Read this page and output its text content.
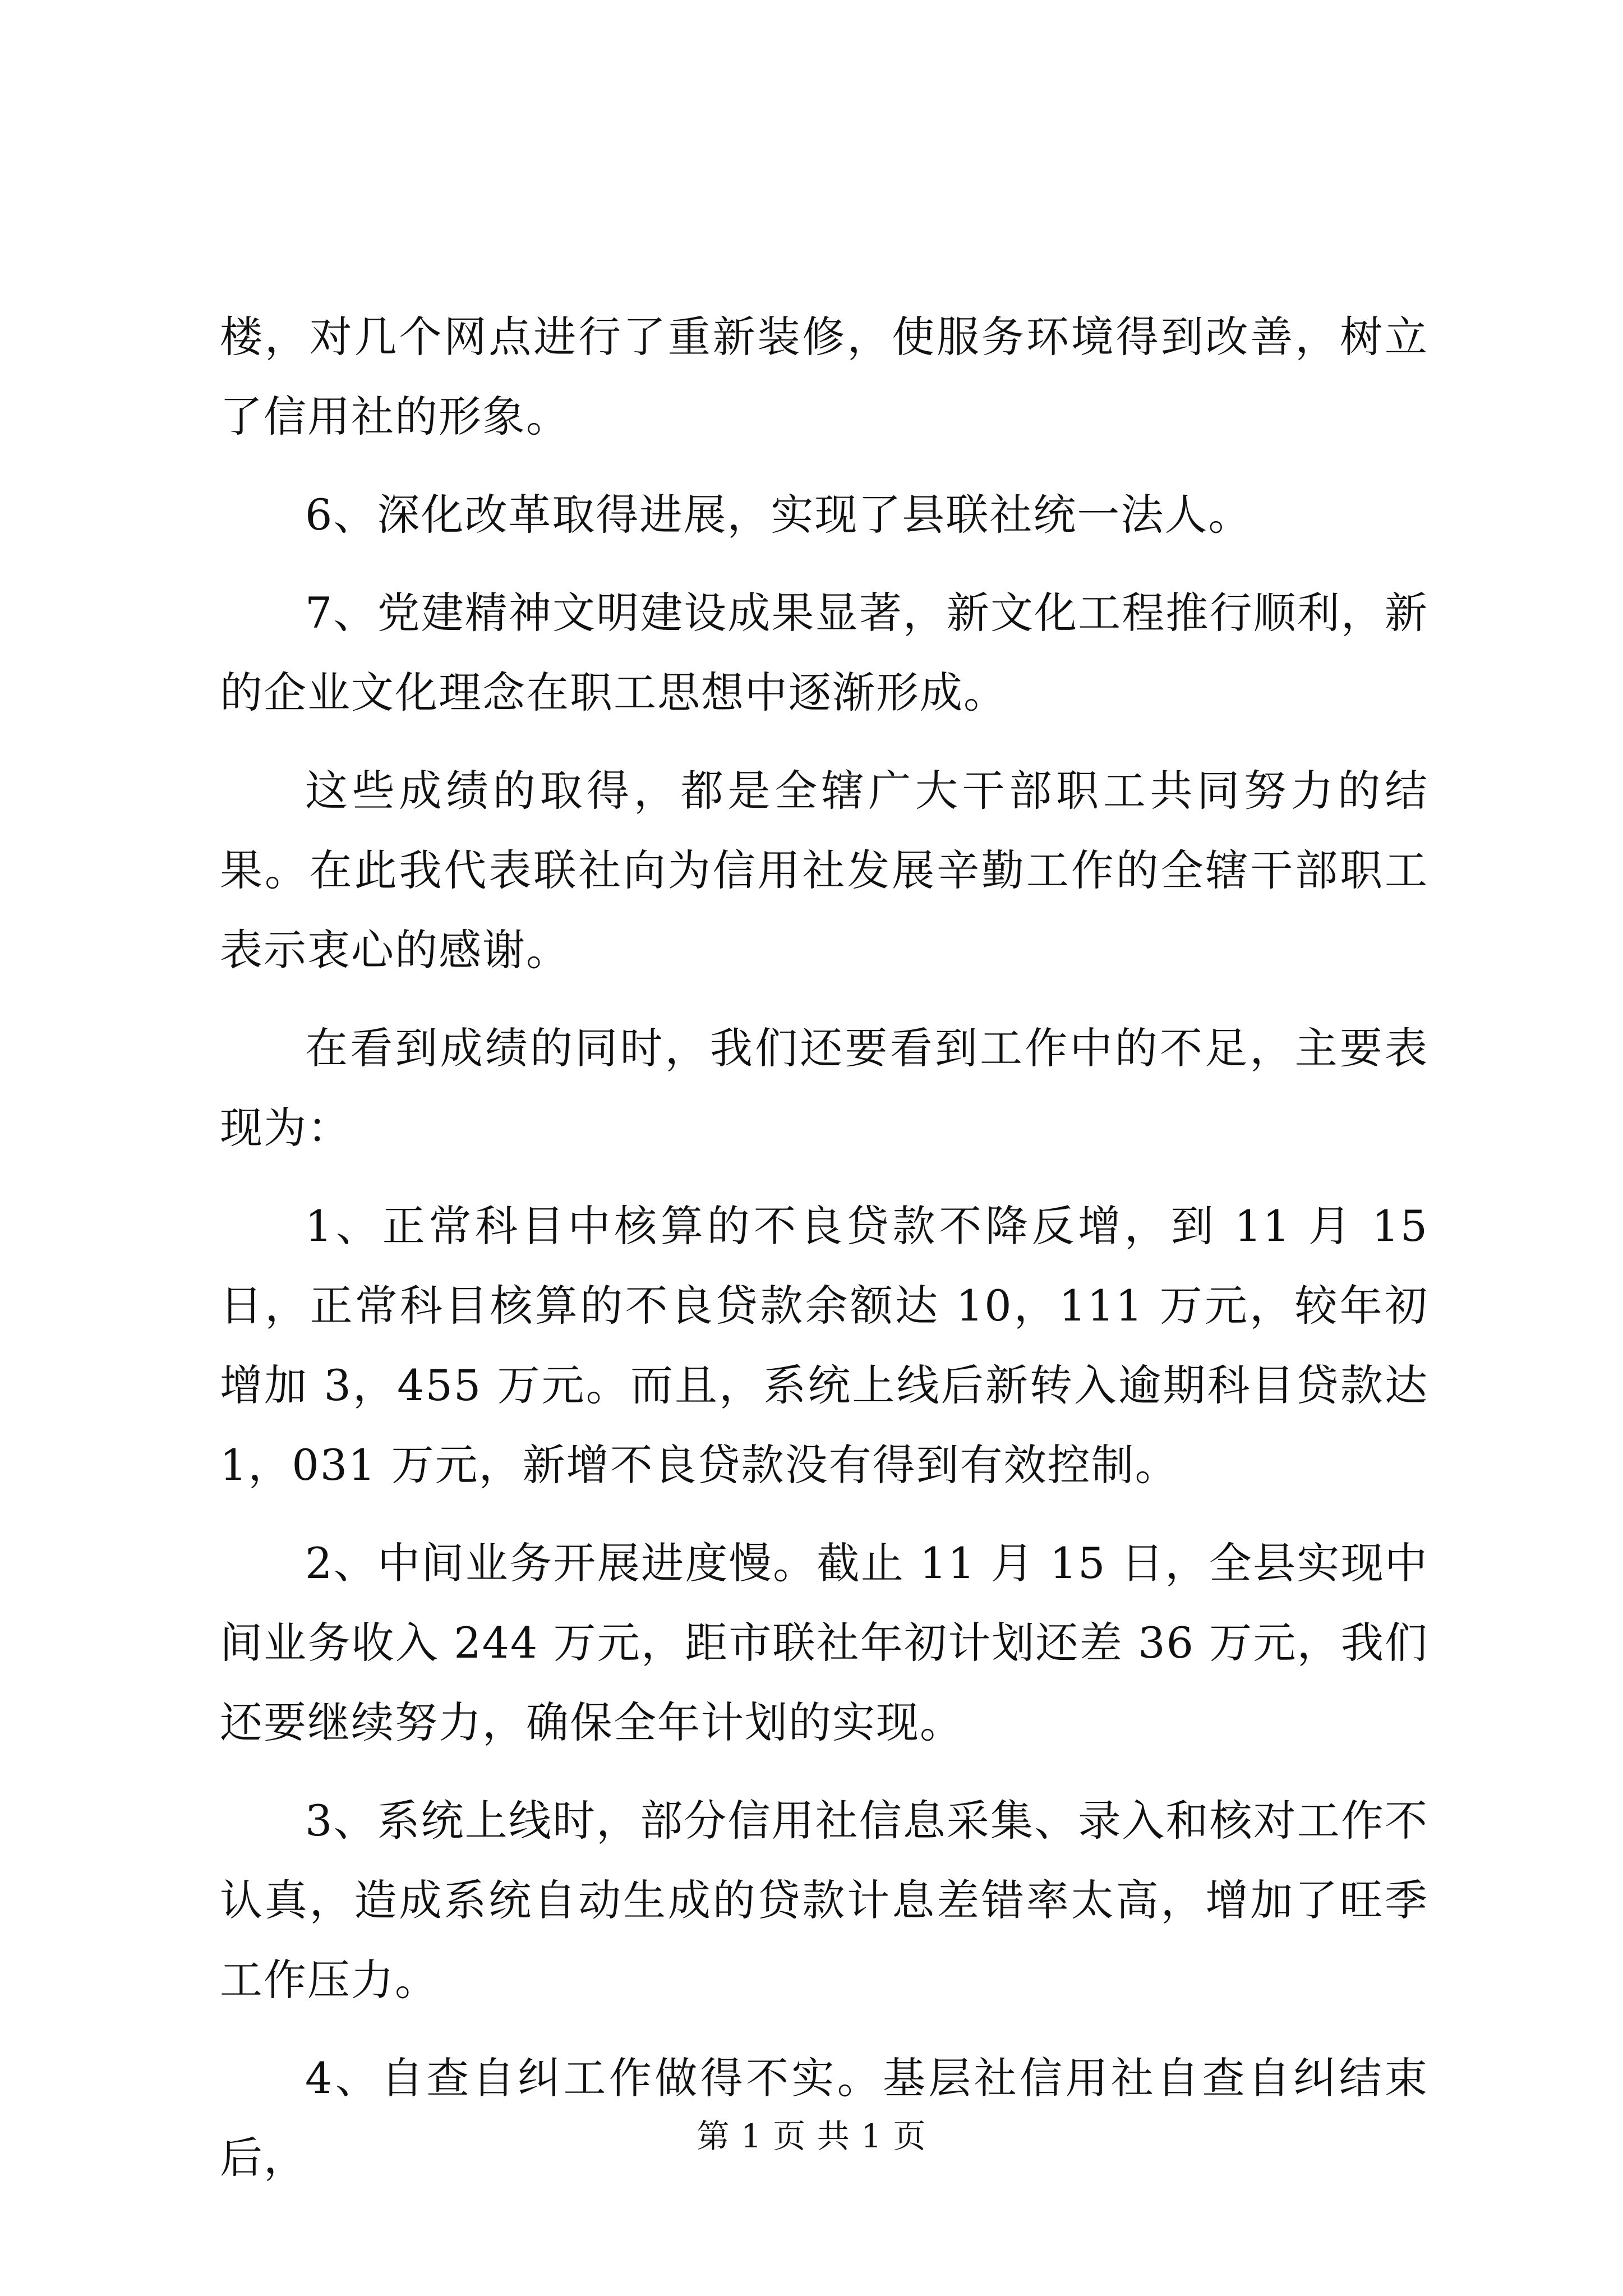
楼，对几个网点进行了重新装修，使服务环境得到改善，树立了信用社的形象。

6、深化改革取得进展，实现了县联社统一法人。

7、党建精神文明建设成果显著，新文化工程推行顺利，新的企业文化理念在职工思想中逐渐形成。

这些成绩的取得，都是全辖广大干部职工共同努力的结果。在此我代表联社向为信用社发展辛勤工作的全辖干部职工表示衷心的感谢。

在看到成绩的同时，我们还要看到工作中的不足，主要表现为：

1、正常科目中核算的不良贷款不降反增，到 11 月 15 日，正常科目核算的不良贷款余额达 10，111 万元，较年初增加 3，455 万元。而且，系统上线后新转入逾期科目贷款达 1，031 万元，新增不良贷款没有得到有效控制。

2、中间业务开展进度慢。截止 11 月 15 日，全县实现中间业务收入 244 万元，距市联社年初计划还差 36 万元，我们还要继续努力，确保全年计划的实现。

3、系统上线时，部分信用社信息采集、录入和核对工作不认真，造成系统自动生成的贷款计息差错率太高，增加了旺季工作压力。

4、自查自纠工作做得不实。基层社信用社自查自纠结束后，	第 1 页 共 1 页
